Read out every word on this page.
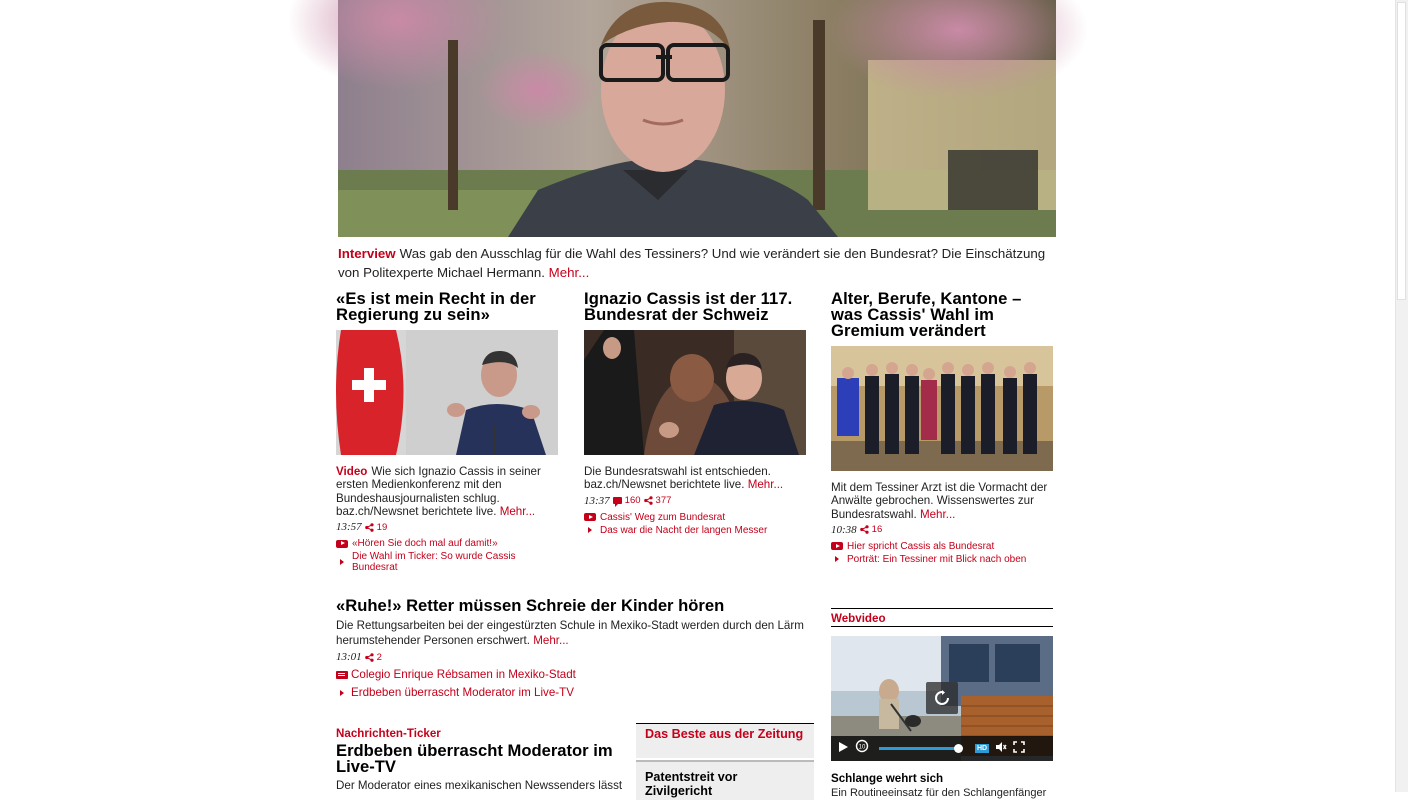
Interview Was gab den Ausschlag für die Wahl des Tessiners? Und wie verändert sie den Bundesrat? Die Einschätzung von Politexperte Michael Hermann. Mehr...

«Es ist mein Recht in der Regierung zu sein»

Video Wie sich Ignazio Cassis in seiner ersten Medienkonferenz mit den Bundeshausjournalisten schlug. baz.ch/Newsnet berichtete live. Mehr...

13:57 19
«Hören Sie doch mal auf damit!»
Die Wahl im Ticker: So wurde Cassis Bundesrat
Ignazio Cassis ist der 117. Bundesrat der Schweiz

Die Bundesratswahl ist entschieden. baz.ch/Newsnet berichtete live. Mehr...

13:37 160 377
Cassis' Weg zum Bundesrat
Das war die Nacht der langen Messer
Alter, Berufe, Kantone – was Cassis' Wahl im Gremium verändert

Mit dem Tessiner Arzt ist die Vormacht der Anwälte gebrochen. Wissenswertes zur Bundesratswahl. Mehr...

10:38 16
Hier spricht Cassis als Bundesrat
Porträt: Ein Tessiner mit Blick nach oben
«Ruhe!» Retter müssen Schreie der Kinder hören

Die Rettungsarbeiten bei der eingestürzten Schule in Mexiko-Stadt werden durch den Lärm herumstehender Personen erschwert. Mehr...

13:01 2
Colegio Enrique Rébsamen in Mexiko-Stadt
Erdbeben überrascht Moderator im Live-TV
Nachrichten-Ticker
Erdbeben überrascht Moderator im Live-TV

Der Moderator eines mexikanischen Newssenders lässt

Das Beste aus der Zeitung
Patentstreit vor Zivilgericht
Webvideo
10	HD
Schlange wehrt sich

Ein Routineeinsatz für den Schlangenfänger
